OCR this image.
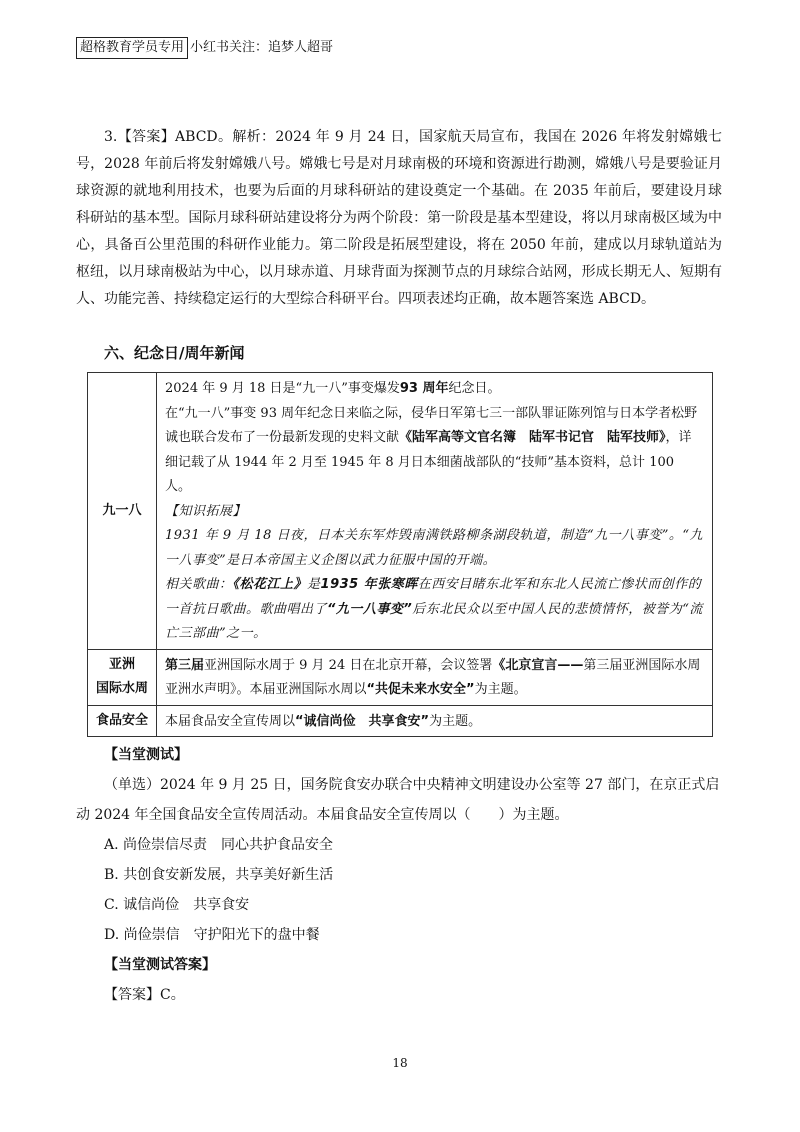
超格教育学员专用 小红书关注：追梦人超哥

3.【答案】ABCD。解析：2024 年 9 月 24 日，国家航天局宣布，我国在 2026 年将发射嫦娥七号，2028 年前后将发射嫦娥八号。嫦娥七号是对月球南极的环境和资源进行勘测，嫦娥八号是要验证月球资源的就地利用技术，也要为后面的月球科研站的建设奠定一个基础。在 2035 年前后，要建设月球科研站的基本型。国际月球科研站建设将分为两个阶段：第一阶段是基本型建设，将以月球南极区域为中心，具备百公里范围的科研作业能力。第二阶段是拓展型建设，将在 2050 年前，建成以月球轨道站为枢纽，以月球南极站为中心，以月球赤道、月球背面为探测节点的月球综合站网，形成长期无人、短期有人、功能完善、持续稳定运行的大型综合科研平台。四项表述均正确，故本题答案选 ABCD。

六、纪念日/周年新闻
九一八	2024 年 9 月 18 日是“九一八”事变爆发93 周年纪念日。

在“九一八”事变 93 周年纪念日来临之际，侵华日军第七三一部队罪证陈列馆与日本学者松野诚也联合发布了一份最新发现的史料文献《陆军高等文官名簿　陆军书记官　陆军技师》，详细记载了从 1944 年 2 月至 1945 年 8 月日本细菌战部队的“技师”基本资料，总计 100 人。

【知识拓展】

1931 年 9 月 18 日夜，日本关东军炸毁南满铁路柳条湖段轨道，制造“九一八事变”。“九一八事变”是日本帝国主义企图以武力征服中国的开端。

相关歌曲：《松花江上》是1935 年张寒晖在西安目睹东北军和东北人民流亡惨状而创作的一首抗日歌曲。歌曲唱出了“九一八事变”后东北民众以至中国人民的悲愤情怀，被誉为“流亡三部曲”之一。

亚洲
国际水周	第三届亚洲国际水周于 9 月 24 日在北京开幕，会议签署《北京宣言——第三届亚洲国际水周亚洲水声明》。本届亚洲国际水周以“共促未来水安全”为主题。

食品安全	本届食品安全宣传周以“诚信尚俭　共享食安”为主题。

【当堂测试】

（单选）2024 年 9 月 25 日，国务院食安办联合中央精神文明建设办公室等 27 部门，在京正式启动 2024 年全国食品安全宣传周活动。本届食品安全宣传周以（　　）为主题。

A. 尚俭崇信尽责　同心共护食品安全

B. 共创食安新发展，共享美好新生活

C. 诚信尚俭　共享食安

D. 尚俭崇信　守护阳光下的盘中餐

【当堂测试答案】

【答案】C。

18
